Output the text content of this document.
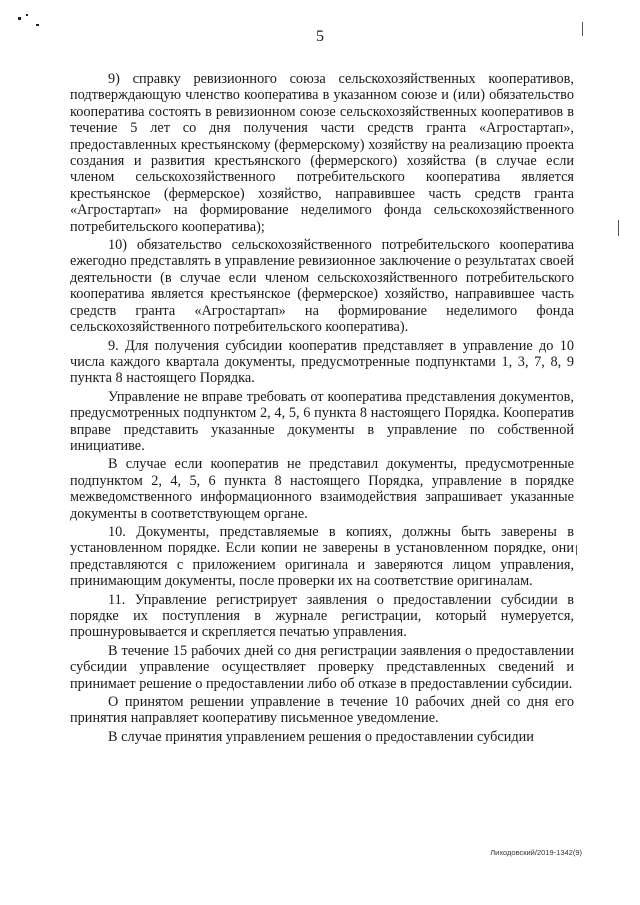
5

9) справку ревизионного союза сельскохозяйственных кооперативов, подтверждающую членство кооператива в указанном союзе и (или) обязательство кооператива состоять в ревизионном союзе сельскохозяйственных кооперативов в течение 5 лет со дня получения части средств гранта «Агростартап», предоставленных крестьянскому (фермерскому) хозяйству на реализацию проекта создания и развития крестьянского (фермерского) хозяйства (в случае если членом сельскохозяйственного потребительского кооператива является крестьянское (фермерское) хозяйство, направившее часть средств гранта «Агростартап» на формирование неделимого фонда сельскохозяйственного потребительского кооператива);

10) обязательство сельскохозяйственного потребительского кооператива ежегодно представлять в управление ревизионное заключение о результатах своей деятельности (в случае если членом сельскохозяйственного потребительского кооператива является крестьянское (фермерское) хозяйство, направившее часть средств гранта «Агростартап» на формирование неделимого фонда сельскохозяйственного потребительского кооператива).

9. Для получения субсидии кооператив представляет в управление до 10 числа каждого квартала документы, предусмотренные подпунктами 1, 3, 7, 8, 9 пункта 8 настоящего Порядка.

Управление не вправе требовать от кооператива представления документов, предусмотренных подпунктом 2, 4, 5, 6 пункта 8 настоящего Порядка. Кооператив вправе представить указанные документы в управление по собственной инициативе.

В случае если кооператив не представил документы, предусмотренные подпунктом 2, 4, 5, 6 пункта 8 настоящего Порядка, управление в порядке межведомственного информационного взаимодействия запрашивает указанные документы в соответствующем органе.

10. Документы, представляемые в копиях, должны быть заверены в установленном порядке. Если копии не заверены в установленном порядке, они представляются с приложением оригинала и заверяются лицом управления, принимающим документы, после проверки их на соответствие оригиналам.

11. Управление регистрирует заявления о предоставлении субсидии в порядке их поступления в журнале регистрации, который нумеруется, прошнуровывается и скрепляется печатью управления.

В течение 15 рабочих дней со дня регистрации заявления о предоставлении субсидии управление осуществляет проверку представленных сведений и принимает решение о предоставлении либо об отказе в предоставлении субсидии.

О принятом решении управление в течение 10 рабочих дней со дня его принятия направляет кооперативу письменное уведомление.

В случае принятия управлением решения о предоставлении субсидии

Лиходовский/2019-1342(9)
